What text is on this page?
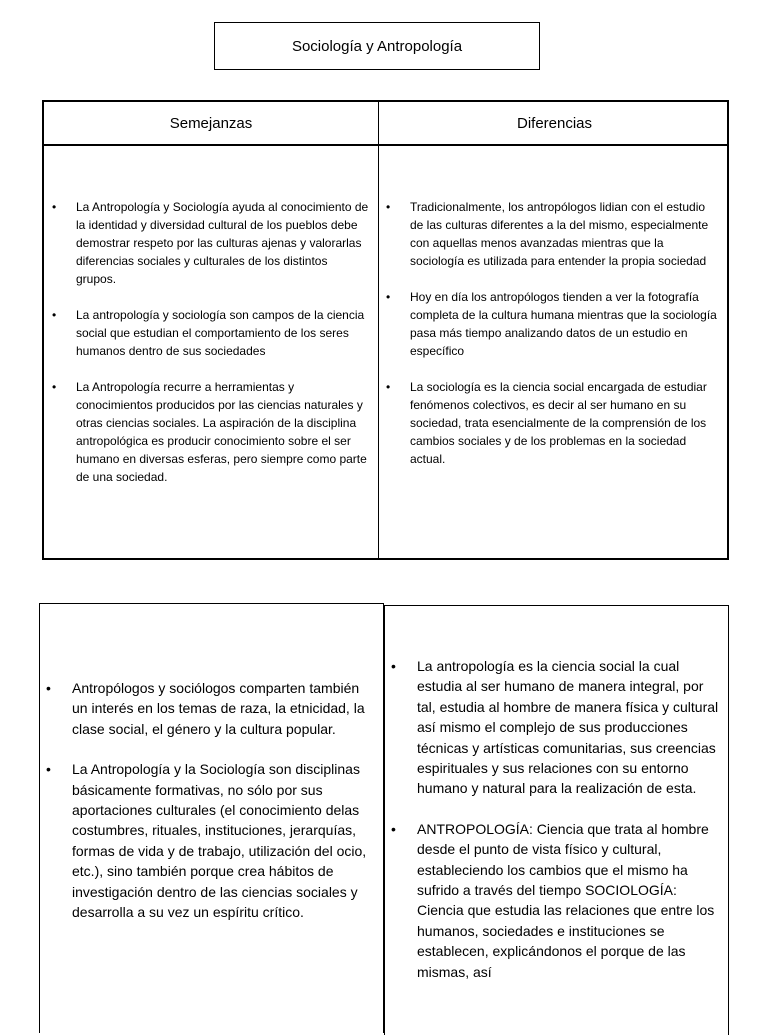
Sociología y Antropología
Semejanzas	Diferencias
• La Antropología y Sociología ayuda al conocimiento de la identidad y diversidad cultural de los pueblos debe demostrar respeto por las culturas ajenas y valorarlas diferencias sociales y culturales de los distintos grupos.
• La antropología y sociología son campos de la ciencia social que estudian el comportamiento de los seres humanos dentro de sus sociedades
• La Antropología recurre a herramientas y conocimientos producidos por las ciencias naturales y otras ciencias sociales. La aspiración de la disciplina antropológica es producir conocimiento sobre el ser humano en diversas esferas, pero siempre como parte de una sociedad.
• Tradicionalmente, los antropólogos lidian con el estudio de las culturas diferentes a la del mismo, especialmente con aquellas menos avanzadas mientras que la sociología es utilizada para entender la propia sociedad
• Hoy en día los antropólogos tienden a ver la fotografía completa de la cultura humana mientras que la sociología pasa más tiempo analizando datos de un estudio en específico
• La sociología es la ciencia social encargada de estudiar fenómenos colectivos, es decir al ser humano en su sociedad, trata esencialmente de la comprensión de los cambios sociales y de los problemas en la sociedad actual.
• Antropólogos y sociólogos comparten también un interés en los temas de raza, la etnicidad, la clase social, el género y la cultura popular.
• La Antropología y la Sociología son disciplinas básicamente formativas, no sólo por sus aportaciones culturales (el conocimiento delas costumbres, rituales, instituciones, jerarquías, formas de vida y de trabajo, utilización del ocio, etc.), sino también porque crea hábitos de investigación dentro de las ciencias sociales y desarrolla a su vez un espíritu crítico.
• La antropología es la ciencia social la cual estudia al ser humano de manera integral, por tal, estudia al hombre de manera física y cultural así mismo el complejo de sus producciones técnicas y artísticas comunitarias, sus creencias espirituales y sus relaciones con su entorno humano y natural para la realización de esta.
• ANTROPOLOGÍA: Ciencia que trata al hombre desde el punto de vista físico y cultural, estableciendo los cambios que el mismo ha sufrido a través del tiempo SOCIOLOGÍA: Ciencia que estudia las relaciones que entre los humanos, sociedades e instituciones se establecen, explicándonos el porque de las mismas, así
